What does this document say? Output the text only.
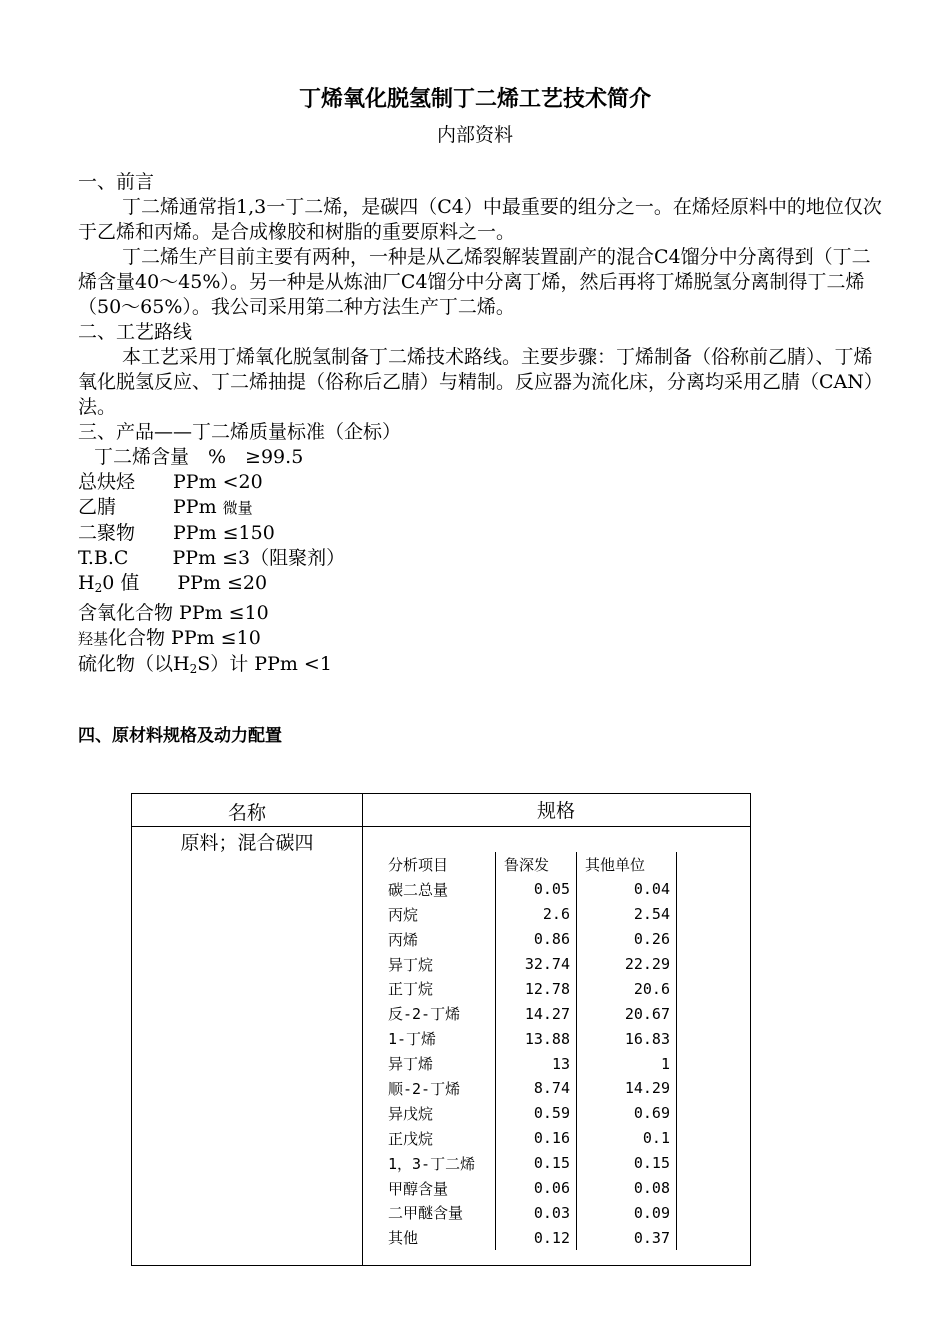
丁烯氧化脱氢制丁二烯工艺技术简介
内部资料

一、前言

丁二烯通常指1,3一丁二烯，是碳四（C4）中最重要的组分之一。在烯烃原料中的地位仅次于乙烯和丙烯。是合成橡胶和树脂的重要原料之一。

丁二烯生产目前主要有两种，一种是从乙烯裂解装置副产的混合C4馏分中分离得到（丁二烯含量40～45%）。另一种是从炼油厂C4馏分中分离丁烯，然后再将丁烯脱氢分离制得丁二烯（50～65%）。我公司采用第二种方法生产丁二烯。

二、工艺路线

本工艺采用丁烯氧化脱氢制备丁二烯技术路线。主要步骤：丁烯制备（俗称前乙腈）、丁烯氧化脱氢反应、丁二烯抽提（俗称后乙腈）与精制。反应器为流化床，分离均采用乙腈（CAN）法。

三、产品——丁二烯质量标准（企标）

丁二烯含量　%　≥99.5

总炔烃　　PPm <20

乙腈　　　PPm 微量

二聚物　　PPm ≤150

T.B.C　　 PPm ≤3（阻聚剂）

$H_20$ 值　　PPm ≤20

含氧化合物 PPm ≤10

羟基化合物 PPm ≤10

硫化物（以$H_2S$）计 PPm <1

四、原材料规格及动力配置
名称	规格
原料；混合碳四
分析项目	鲁深发	其他单位
碳二总量	0.05	0.04
丙烷	2.6	2.54
丙烯	0.86	0.26
异丁烷	32.74	22.29
正丁烷	12.78	20.6
反-2-丁烯	14.27	20.67
1-丁烯	13.88	16.83
异丁烯	13	1
顺-2-丁烯	8.74	14.29
异戊烷	0.59	0.69
正戊烷	0.16	0.1
1，3-丁二烯	0.15	0.15
甲醇含量	0.06	0.08
二甲醚含量	0.03	0.09
其他	0.12	0.37
